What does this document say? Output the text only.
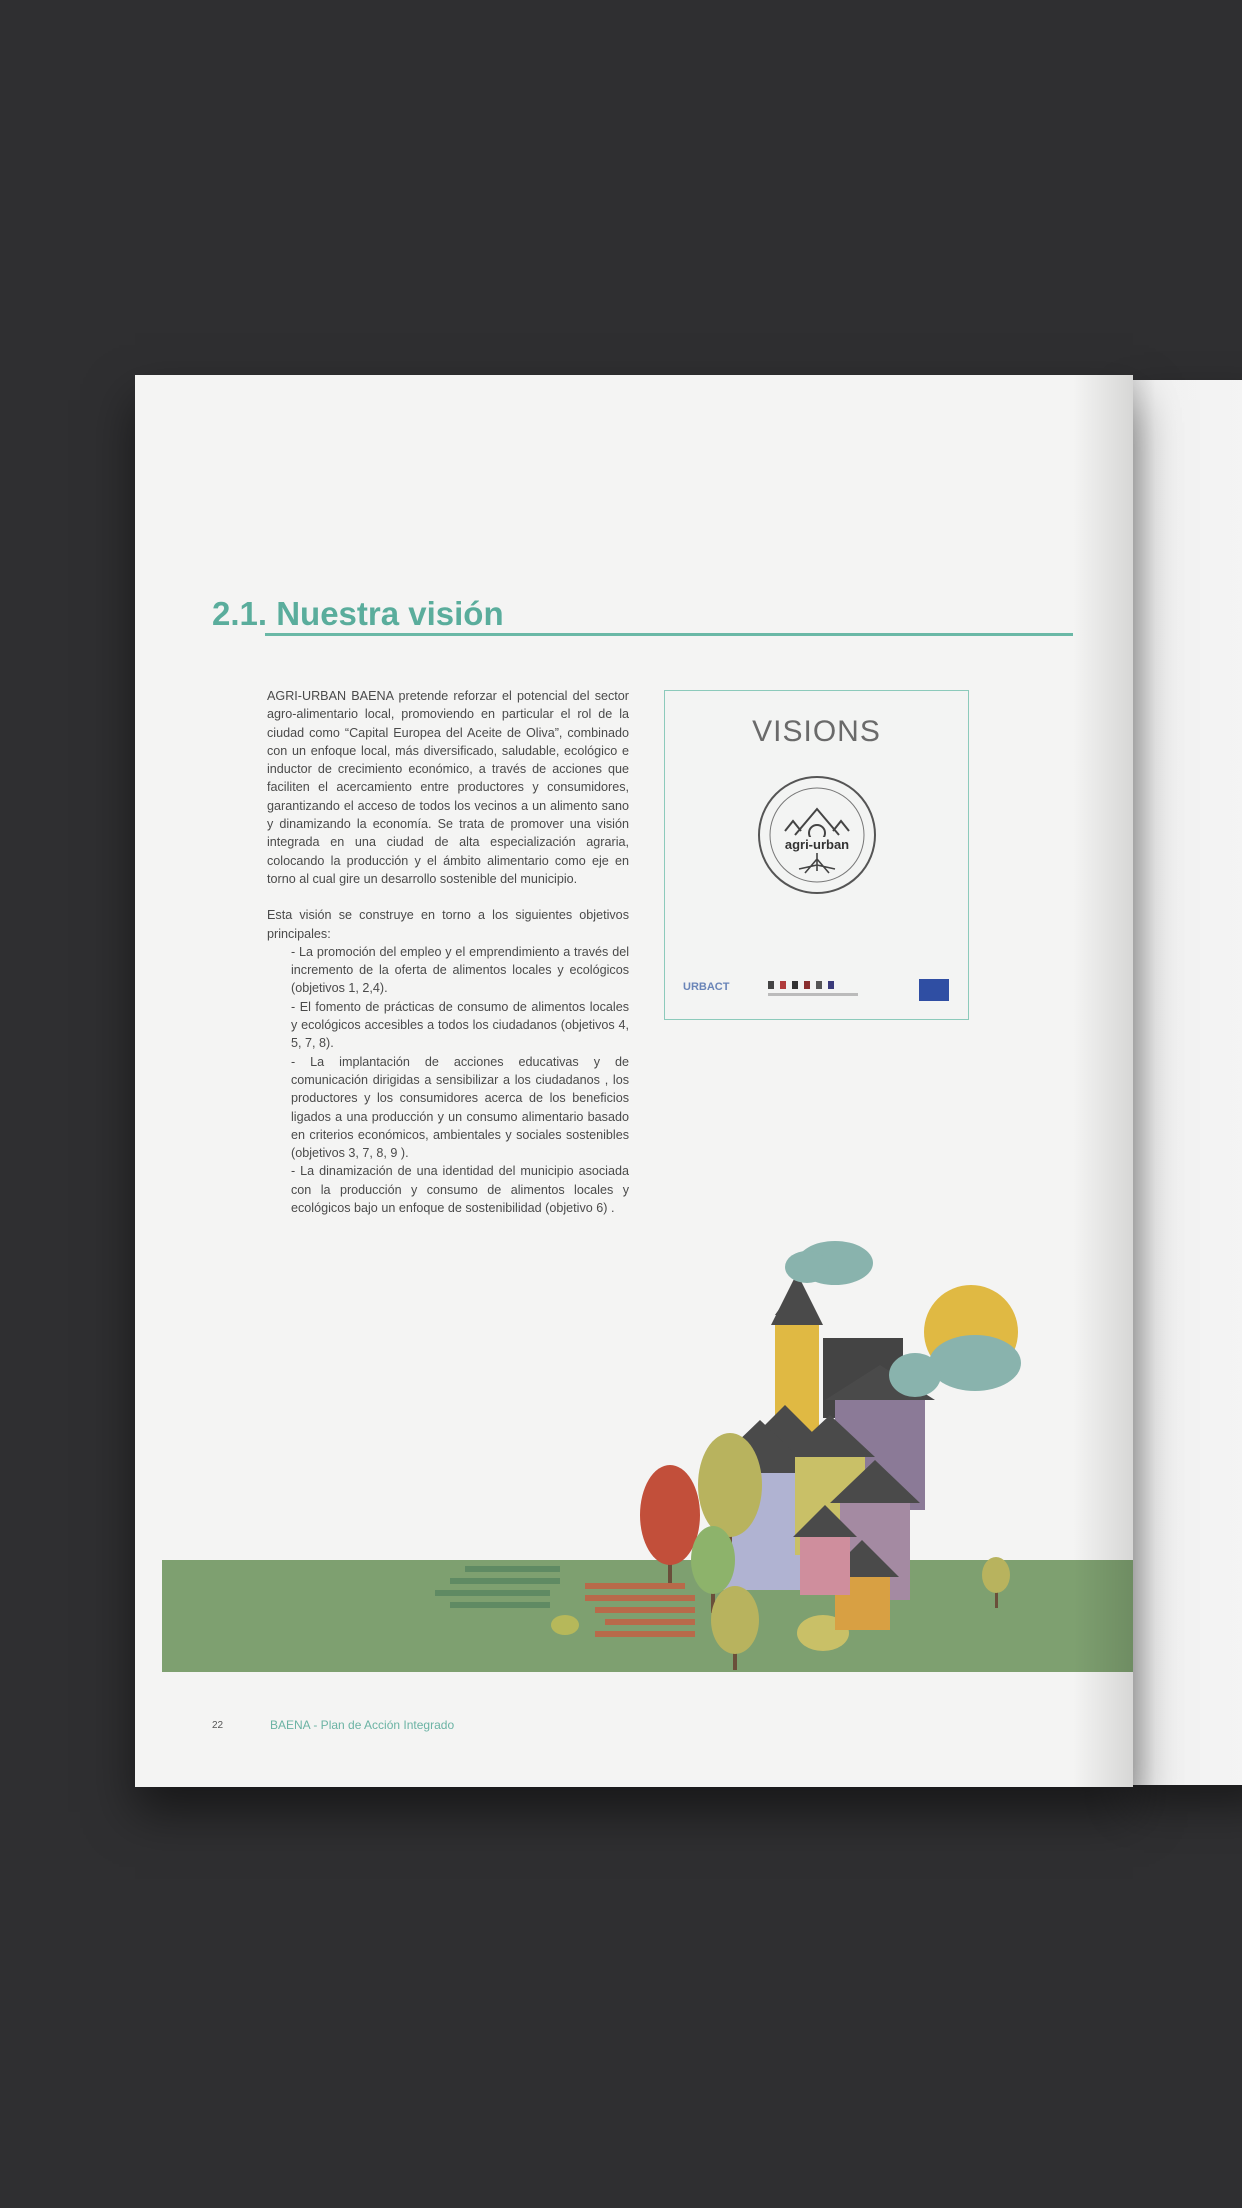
2.1. Nuestra visión

AGRI-URBAN BAENA pretende reforzar el potencial del sector agro-alimentario local, promoviendo en particular el rol de la ciudad como “Capital Europea del Aceite de Oliva”, combinado con un enfoque local, más diversificado, saludable, ecológico e inductor de crecimiento económico, a través de acciones que faciliten el acercamiento entre productores y consumidores, garantizando el acceso de todos los vecinos a un alimento sano y dinamizando la economía. Se trata de promover una visión integrada en una ciudad de alta especialización agraria, colocando la producción y el ámbito alimentario como eje en torno al cual gire un desarrollo sostenible del municipio.

Esta visión se construye en torno a los siguientes objetivos principales:

- La promoción del empleo y el emprendimiento a través del incremento de la oferta de alimentos locales y ecológicos (objetivos 1, 2,4).
- El fomento de prácticas de consumo de alimentos locales y ecológicos accesibles a todos los ciudadanos (objetivos 4, 5, 7, 8).
- La implantación de acciones educativas y de comunicación dirigidas a sensibilizar a los ciudadanos , los productores y los consumidores acerca de los beneficios ligados a una producción y un consumo alimentario basado en criterios económicos, ambientales y sociales sostenibles (objetivos 3, 7, 8, 9 ).
- La dinamización de una identidad del municipio asociada con la producción y consumo de alimentos locales y ecológicos bajo un enfoque de sostenibilidad (objetivo 6) .
VISIONS
agri-urban
URBACT
22	BAENA - Plan de Acción Integrado
